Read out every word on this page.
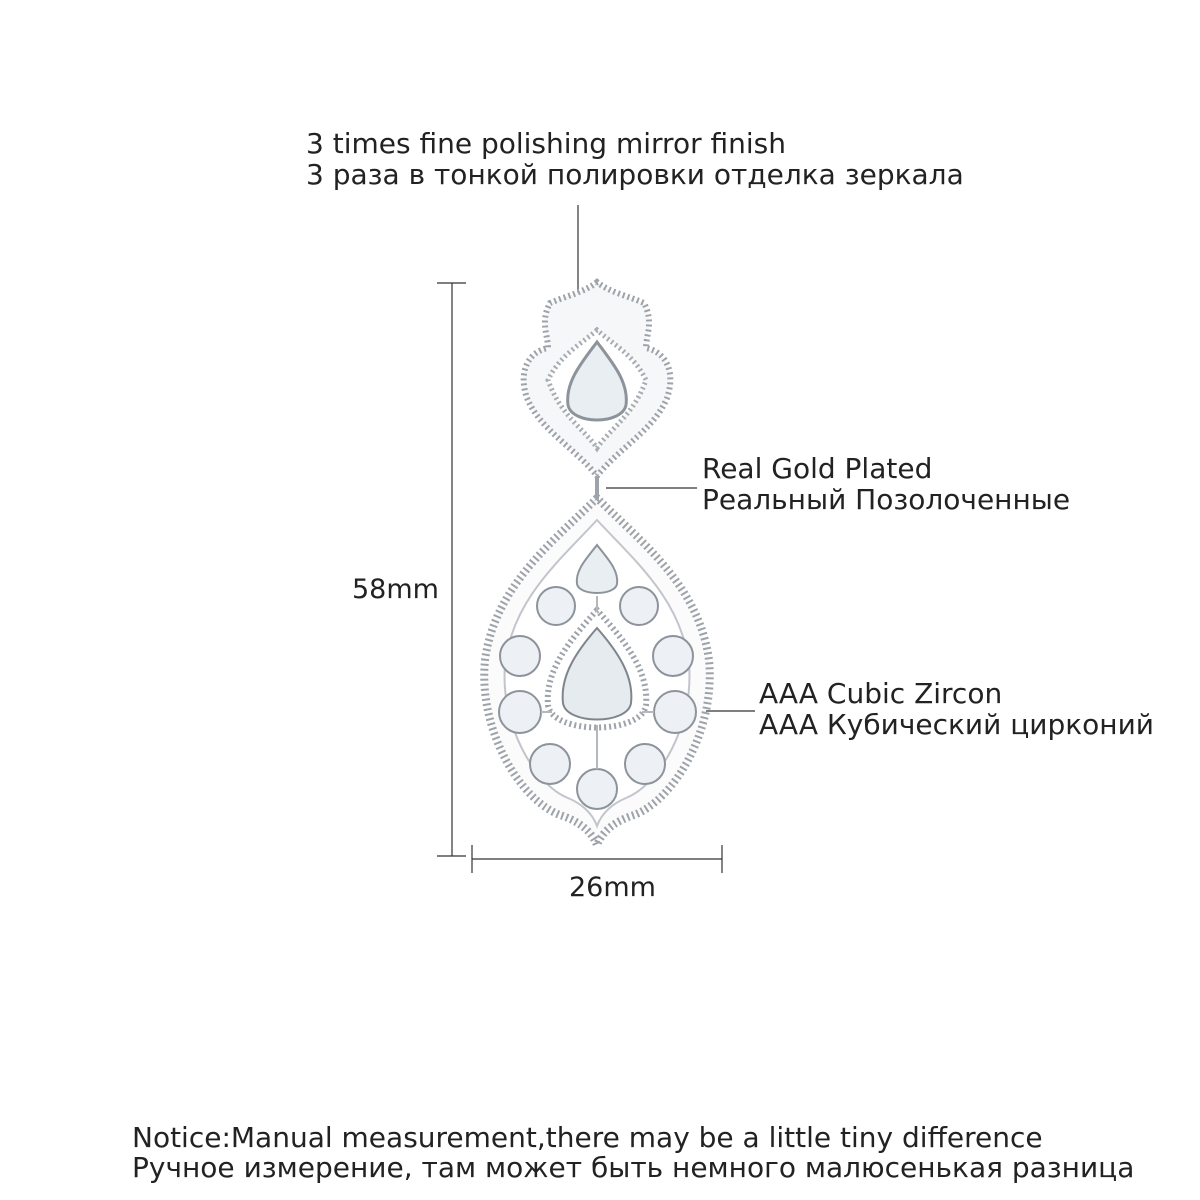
3 times fine polishing mirror finish
3 раза в тонкой полировки отделка зеркала
Real Gold Plated
Реальный Позолоченные
AAA Cubic Zircon
AAA Кубический цирконий
58mm
26mm
Notice:Manual measurement,there may be a little tiny difference
Ручное измерение, там может быть немного малюсенькая разница
